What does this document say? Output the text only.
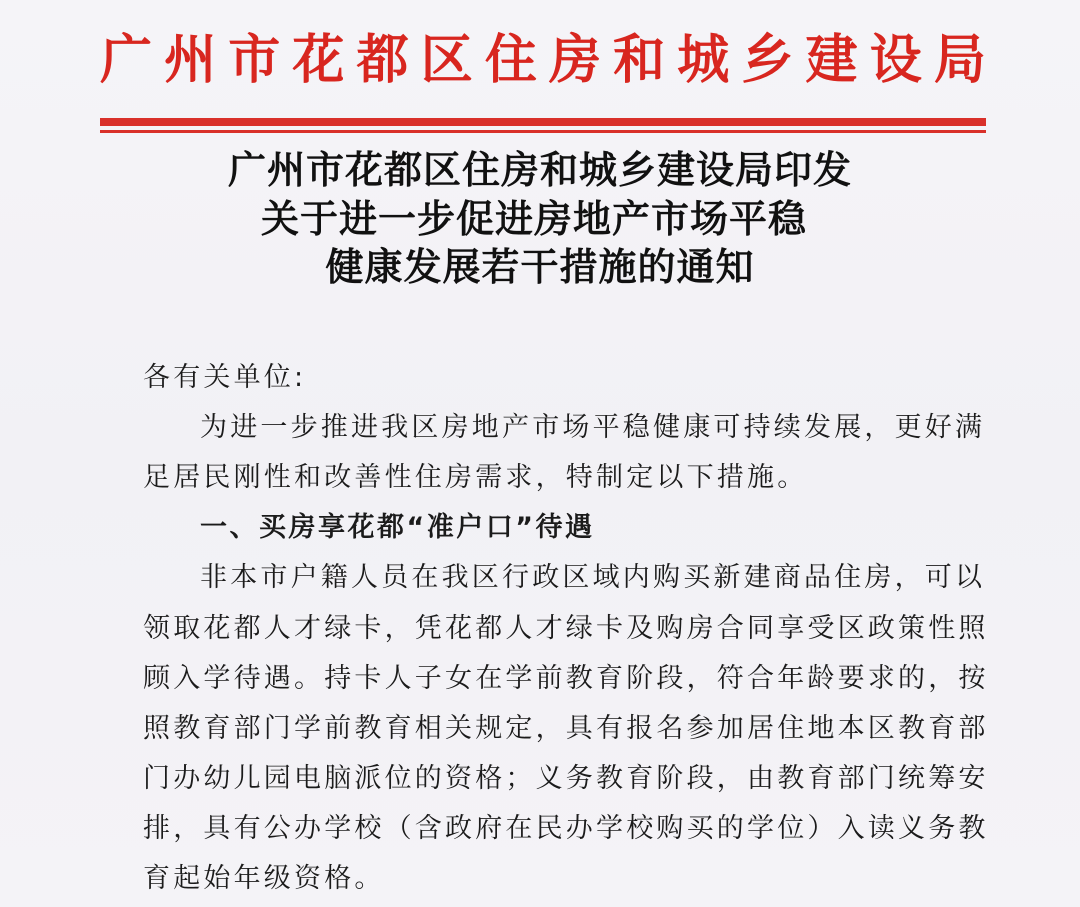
广 州 市 花 都 区 住 房 和 城 乡 建 设 局
广州市花都区住房和城乡建设局印发
关于进一步促进房地产市场平稳
健康发展若干措施的通知
各有关单位:
为进一步推进我区房地产市场平稳健康可持续发展，更好满
足居民刚性和改善性住房需求，特制定以下措施。
一、买房享花都“准户口”待遇
非本市户籍人员在我区行政区域内购买新建商品住房，可以
领取花都人才绿卡，凭花都人才绿卡及购房合同享受区政策性照
顾入学待遇。持卡人子女在学前教育阶段，符合年龄要求的，按
照教育部门学前教育相关规定，具有报名参加居住地本区教育部
门办幼儿园电脑派位的资格；义务教育阶段，由教育部门统筹安
排，具有公办学校（含政府在民办学校购买的学位）入读义务教
育起始年级资格。
